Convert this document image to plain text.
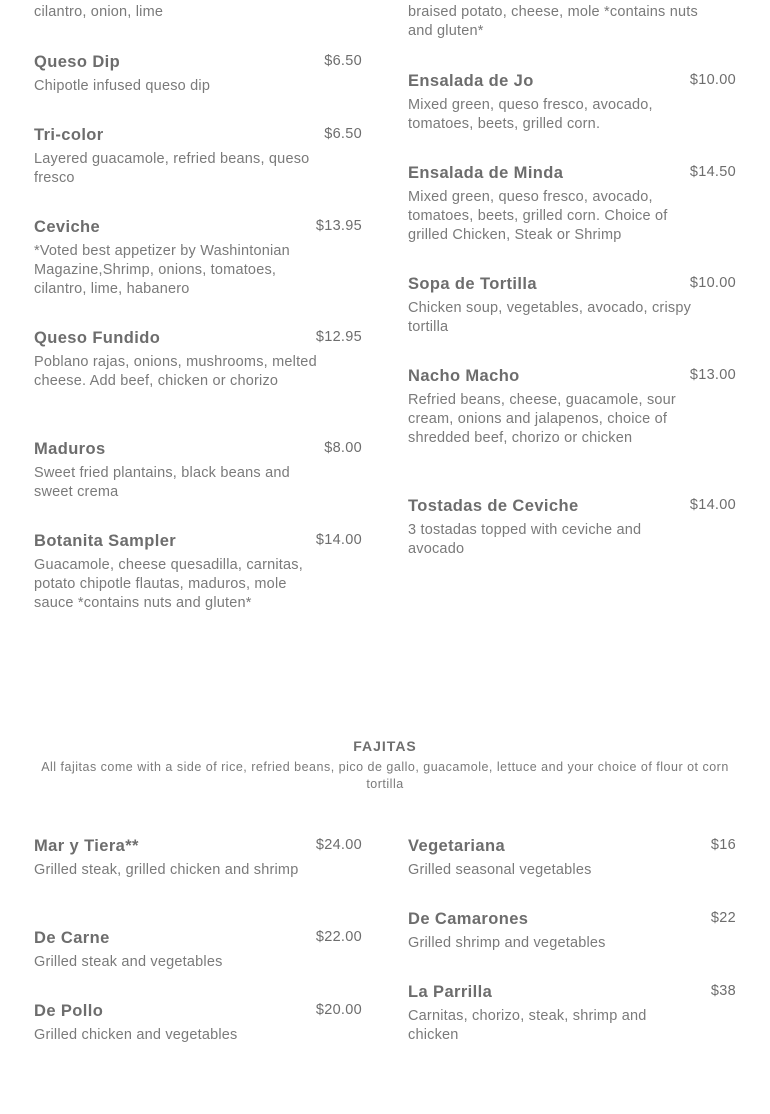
cilantro, onion, lime	braised potato, cheese, mole *contains nuts and gluten*

Queso Dip	$6.50

Chipotle infused queso dip

Tri-color	$6.50

Layered guacamole, refried beans, queso fresco

Ceviche	$13.95

*Voted best appetizer by Washintonian Magazine,Shrimp, onions, tomatoes, cilantro, lime, habanero

Queso Fundido	$12.95

Poblano rajas, onions, mushrooms, melted cheese. Add beef, chicken or chorizo

Maduros	$8.00

Sweet fried plantains, black beans and sweet crema

Botanita Sampler	$14.00

Guacamole, cheese quesadilla, carnitas, potato chipotle flautas, maduros, mole sauce *contains nuts and gluten*

Ensalada de Jo	$10.00

Mixed green, queso fresco, avocado, tomatoes, beets, grilled corn.

Ensalada de Minda	$14.50

Mixed green, queso fresco, avocado, tomatoes, beets, grilled corn. Choice of grilled Chicken, Steak or Shrimp

Sopa de Tortilla	$10.00

Chicken soup, vegetables, avocado, crispy tortilla

Nacho Macho	$13.00

Refried beans, cheese, guacamole, sour cream, onions and jalapenos, choice of shredded beef, chorizo or chicken

Tostadas de Ceviche	$14.00

3 tostadas topped with ceviche and avocado

FAJITAS

All fajitas come with a side of rice, refried beans, pico de gallo, guacamole, lettuce and your choice of flour ot corn tortilla

Mar y Tiera**	$24.00

Grilled steak, grilled chicken and shrimp

De Carne	$22.00

Grilled steak and vegetables

De Pollo	$20.00

Grilled chicken and vegetables

Vegetariana	$16

Grilled seasonal vegetables

De Camarones	$22

Grilled shrimp and vegetables

La Parrilla	$38

Carnitas, chorizo, steak, shrimp and chicken
